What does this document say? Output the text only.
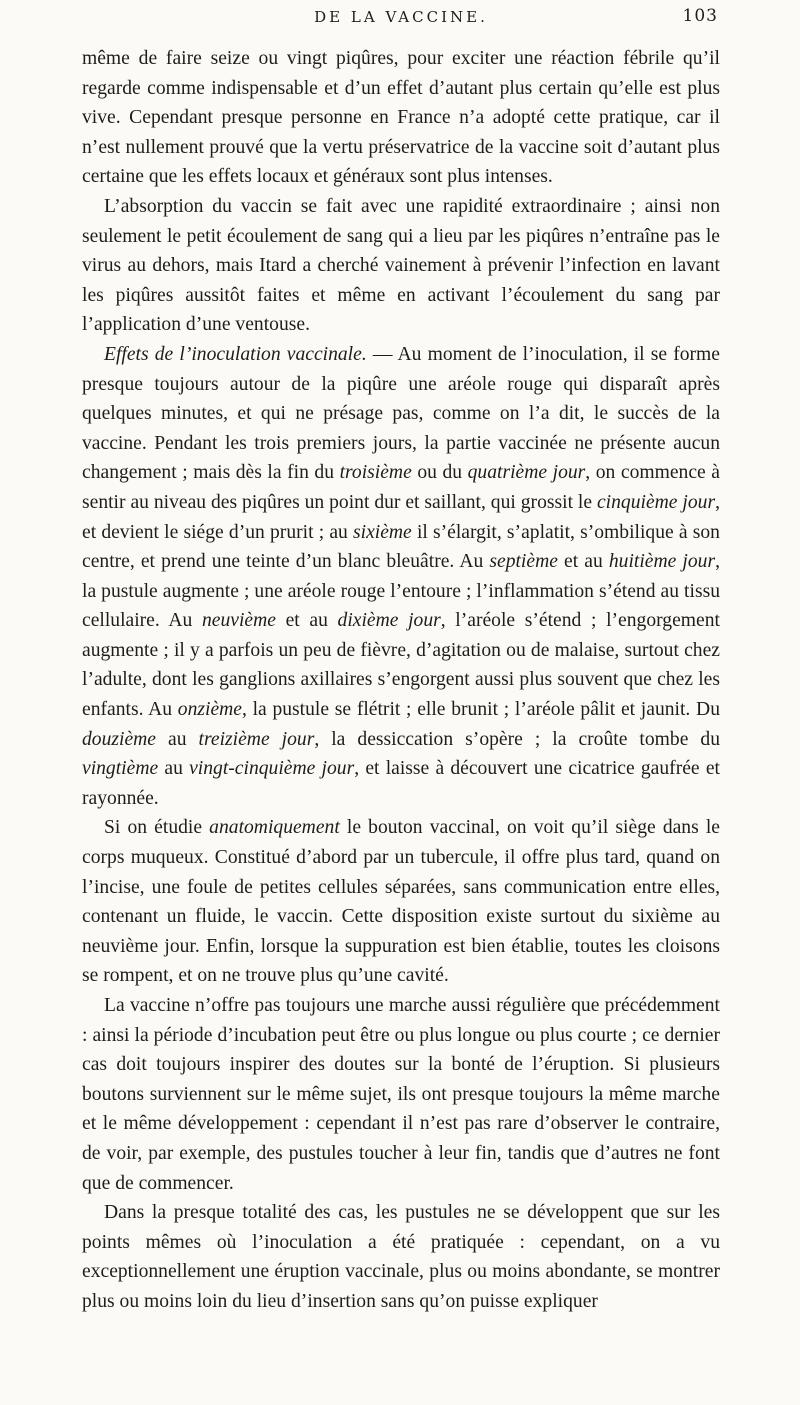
DE LA VACCINE.	103

même de faire seize ou vingt piqûres, pour exciter une réaction fébrile qu’il regarde comme indispensable et d’un effet d’autant plus certain qu’elle est plus vive. Cependant presque personne en France n’a adopté cette pratique, car il n’est nullement prouvé que la vertu préservatrice de la vaccine soit d’autant plus certaine que les effets locaux et généraux sont plus intenses.

L’absorption du vaccin se fait avec une rapidité extraordinaire ; ainsi non seulement le petit écoulement de sang qui a lieu par les piqûres n’entraîne pas le virus au dehors, mais Itard a cherché vainement à prévenir l’infection en lavant les piqûres aussitôt faites et même en activant l’écoulement du sang par l’application d’une ventouse.

Effets de l’inoculation vaccinale. — Au moment de l’inoculation, il se forme presque toujours autour de la piqûre une aréole rouge qui disparaît après quelques minutes, et qui ne présage pas, comme on l’a dit, le succès de la vaccine. Pendant les trois premiers jours, la partie vaccinée ne présente aucun changement ; mais dès la fin du troisième ou du quatrième jour, on commence à sentir au niveau des piqûres un point dur et saillant, qui grossit le cinquième jour, et devient le siége d’un prurit ; au sixième il s’élargit, s’aplatit, s’ombilique à son centre, et prend une teinte d’un blanc bleuâtre. Au septième et au huitième jour, la pustule augmente ; une aréole rouge l’entoure ; l’inflammation s’étend au tissu cellulaire. Au neuvième et au dixième jour, l’aréole s’étend ; l’engorgement augmente ; il y a parfois un peu de fièvre, d’agitation ou de malaise, surtout chez l’adulte, dont les ganglions axillaires s’engorgent aussi plus souvent que chez les enfants. Au onzième, la pustule se flétrit ; elle brunit ; l’aréole pâlit et jaunit. Du douzième au treizième jour, la dessiccation s’opère ; la croûte tombe du vingtième au vingt-cinquième jour, et laisse à découvert une cicatrice gaufrée et rayonnée.

Si on étudie anatomiquement le bouton vaccinal, on voit qu’il siège dans le corps muqueux. Constitué d’abord par un tubercule, il offre plus tard, quand on l’incise, une foule de petites cellules séparées, sans communication entre elles, contenant un fluide, le vaccin. Cette disposition existe surtout du sixième au neuvième jour. Enfin, lorsque la suppuration est bien établie, toutes les cloisons se rompent, et on ne trouve plus qu’une cavité.

La vaccine n’offre pas toujours une marche aussi régulière que précédemment : ainsi la période d’incubation peut être ou plus longue ou plus courte ; ce dernier cas doit toujours inspirer des doutes sur la bonté de l’éruption. Si plusieurs boutons surviennent sur le même sujet, ils ont presque toujours la même marche et le même développement : cependant il n’est pas rare d’observer le contraire, de voir, par exemple, des pustules toucher à leur fin, tandis que d’autres ne font que de commencer.

Dans la presque totalité des cas, les pustules ne se développent que sur les points mêmes où l’inoculation a été pratiquée : cependant, on a vu exceptionnellement une éruption vaccinale, plus ou moins abondante, se montrer plus ou moins loin du lieu d’insertion sans qu’on puisse expliquer
